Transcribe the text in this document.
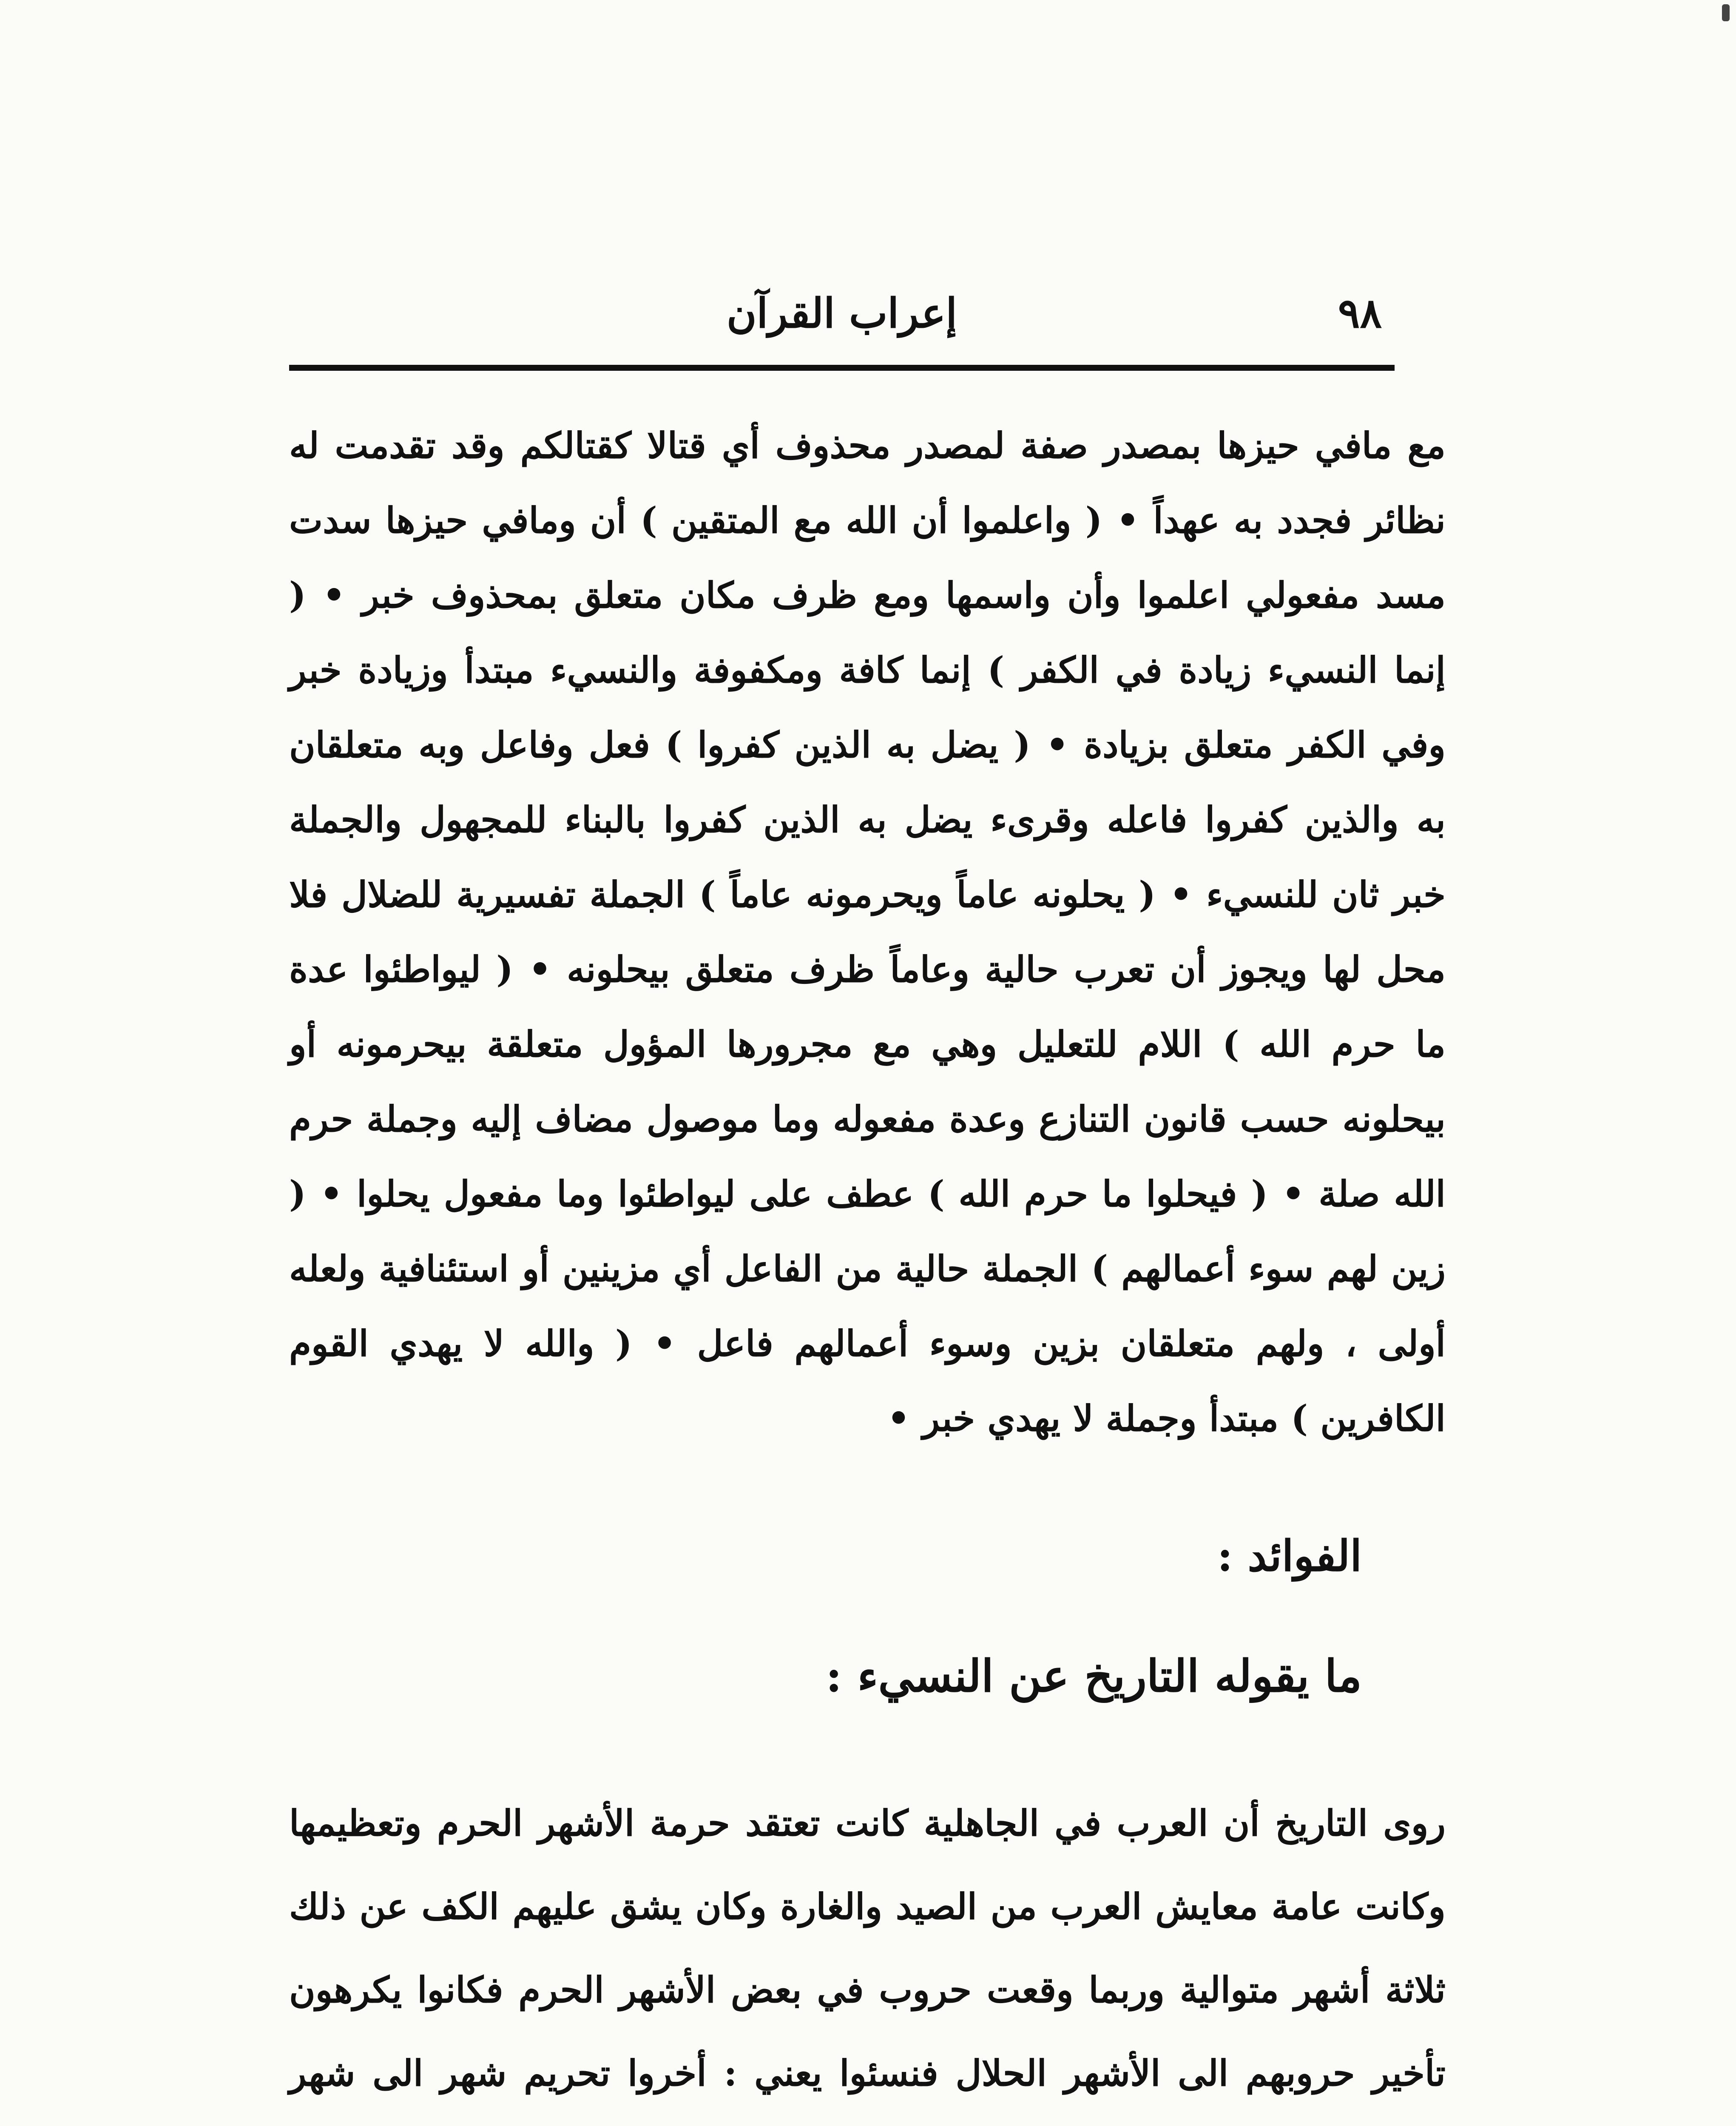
٩٨
إعراب القرآن

مع مافي حيزها بمصدر صفة لمصدر محذوف أي قتالا كقتالكم وقد تقدمت له نظائر فجدد به عهداً • ( واعلموا أن الله مع المتقين ) أن ومافي حيزها سدت مسد مفعولي اعلموا وأن واسمها ومع ظرف مكان متعلق بمحذوف خبر • ( إنما النسيء زيادة في الكفر ) إنما كافة ومكفوفة والنسيء مبتدأ وزيادة خبر وفي الكفر متعلق بزيادة • ( يضل به الذين كفروا ) فعل وفاعل وبه متعلقان به والذين كفروا فاعله وقرىء يضل به الذين كفروا بالبناء للمجهول والجملة خبر ثان للنسيء • ( يحلونه عاماً ويحرمونه عاماً ) الجملة تفسيرية للضلال فلا محل لها ويجوز أن تعرب حالية وعاماً ظرف متعلق بيحلونه • ( ليواطئوا عدة ما حرم الله ) اللام للتعليل وهي مع مجرورها المؤول متعلقة بيحرمونه أو بيحلونه حسب قانون التنازع وعدة مفعوله وما موصول مضاف إليه وجملة حرم الله صلة • ( فيحلوا ما حرم الله ) عطف على ليواطئوا وما مفعول يحلوا • ( زين لهم سوء أعمالهم ) الجملة حالية من الفاعل أي مزينين أو استئنافية ولعله أولى ، ولهم متعلقان بزين وسوء أعمالهم فاعل • ( والله لا يهدي القوم الكافرين ) مبتدأ وجملة لا يهدي خبر •

الفوائد :
ما يقوله التاريخ عن النسيء :

روى التاريخ أن العرب في الجاهلية كانت تعتقد حرمة الأشهر الحرم وتعظيمها وكانت عامة معايش العرب من الصيد والغارة وكان يشق عليهم الكف عن ذلك ثلاثة أشهر متوالية وربما وقعت حروب في بعض الأشهر الحرم فكانوا يكرهون تأخير حروبهم الى الأشهر الحلال فنسئوا يعني : أخروا تحريم شهر الى شهر
